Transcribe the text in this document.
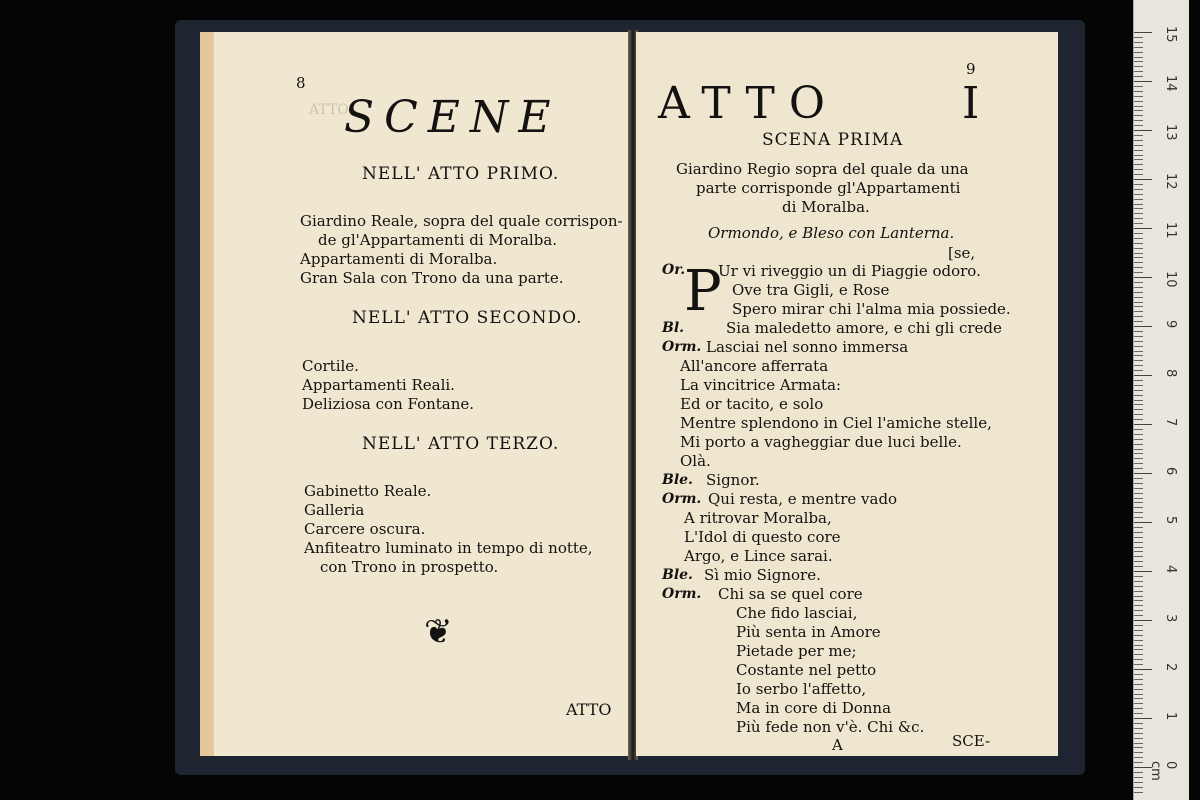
ATTO
8
SCENE
NELL' ATTO PRIMO.
Giardino Reale, sopra del quale corrispon-
de gl'Appartamenti di Moralba.
Appartamenti di Moralba.
Gran Sala con Trono da una parte.
NELL' ATTO SECONDO.
Cortile.
Appartamenti Reali.
Deliziosa con Fontane.
NELL' ATTO TERZO.
Gabinetto Reale.
Galleria
Carcere oscura.
Anfiteatro luminato in tempo di notte,
con Trono in prospetto.
❦
ATTO
9
ATTO	I
SCENA PRIMA
Giardino Regio sopra del quale da una
parte corrisponde gl'Appartamenti
di Moralba.
Ormondo, e Bleso con Lanterna.
[se,
P
Or. Ur vi riveggio un di Piaggie odoro.
Ove tra Gigli, e Rose
Spero mirar chi l'alma mia possiede.
Bl.	Sia maledetto amore, e chi gli crede
Orm. Lasciai nel sonno immersa
All'ancore afferrata
La vincitrice Armata:
Ed or tacito, e solo
Mentre splendono in Ciel l'amiche stelle,
Mi porto a vagheggiar due luci belle.
Olà.
Ble. Signor.
Orm. Qui resta, e mentre vado
A ritrovar Moralba,
L'Idol di questo core
Argo, e Lince sarai.
Ble. Sì mio Signore.
Orm. Chi sa se quel core
Che fido lasciai,
Più senta in Amore
Pietade per me;
Costante nel petto
Io serbo l'affetto,
Ma in core di Donna
Più fede non v'è. Chi &c.
A	SCE-
15
14
13
12
11
10
9
8
7
6
5
4
3
2
1
0 cm
